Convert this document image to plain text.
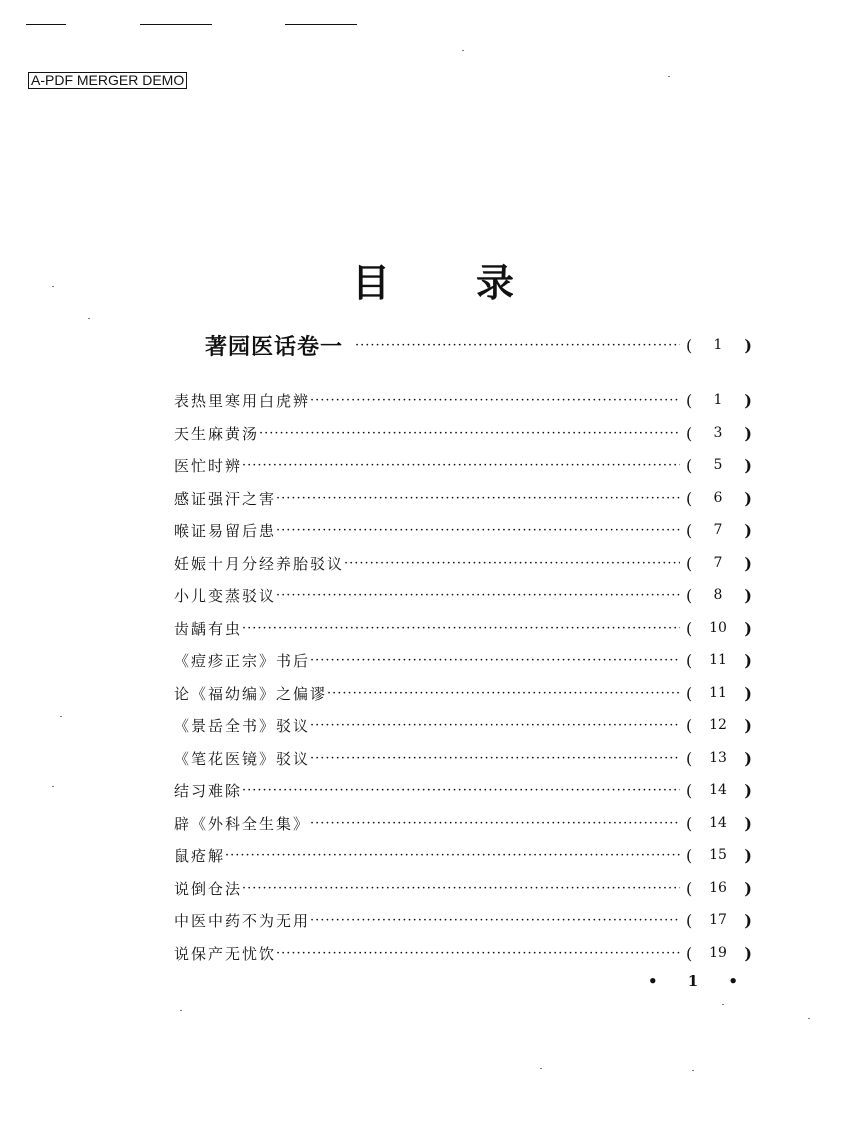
A-PDF MERGER DEMO
目 录
著园医话卷一 ·····	(	1	)
表热里寒用白虎辨 ·····	(	1	)
天生麻黄汤 ·····	(	3	)
医忙时辨 ·····	(	5	)
感证强汗之害 ·····	(	6	)
喉证易留后患 ·····	(	7	)
妊娠十月分经养胎驳议 ·····	(	7	)
小儿变蒸驳议 ·····	(	8	)
齿龋有虫 ·····	(	10	)
《痘疹正宗》书后 ·····	(	11	)
论《福幼编》之偏谬 ·····	(	11	)
《景岳全书》驳议 ·····	(	12	)
《笔花医镜》驳议 ·····	(	13	)
结习难除 ·····	(	14	)
辟《外科全生集》 ·····	(	14	)
鼠疮解 ·····	(	15	)
说倒仓法 ·····	(	16	)
中医中药不为无用 ·····	(	17	)
说保产无忧饮 ·····	(	19	)
• 1 •
